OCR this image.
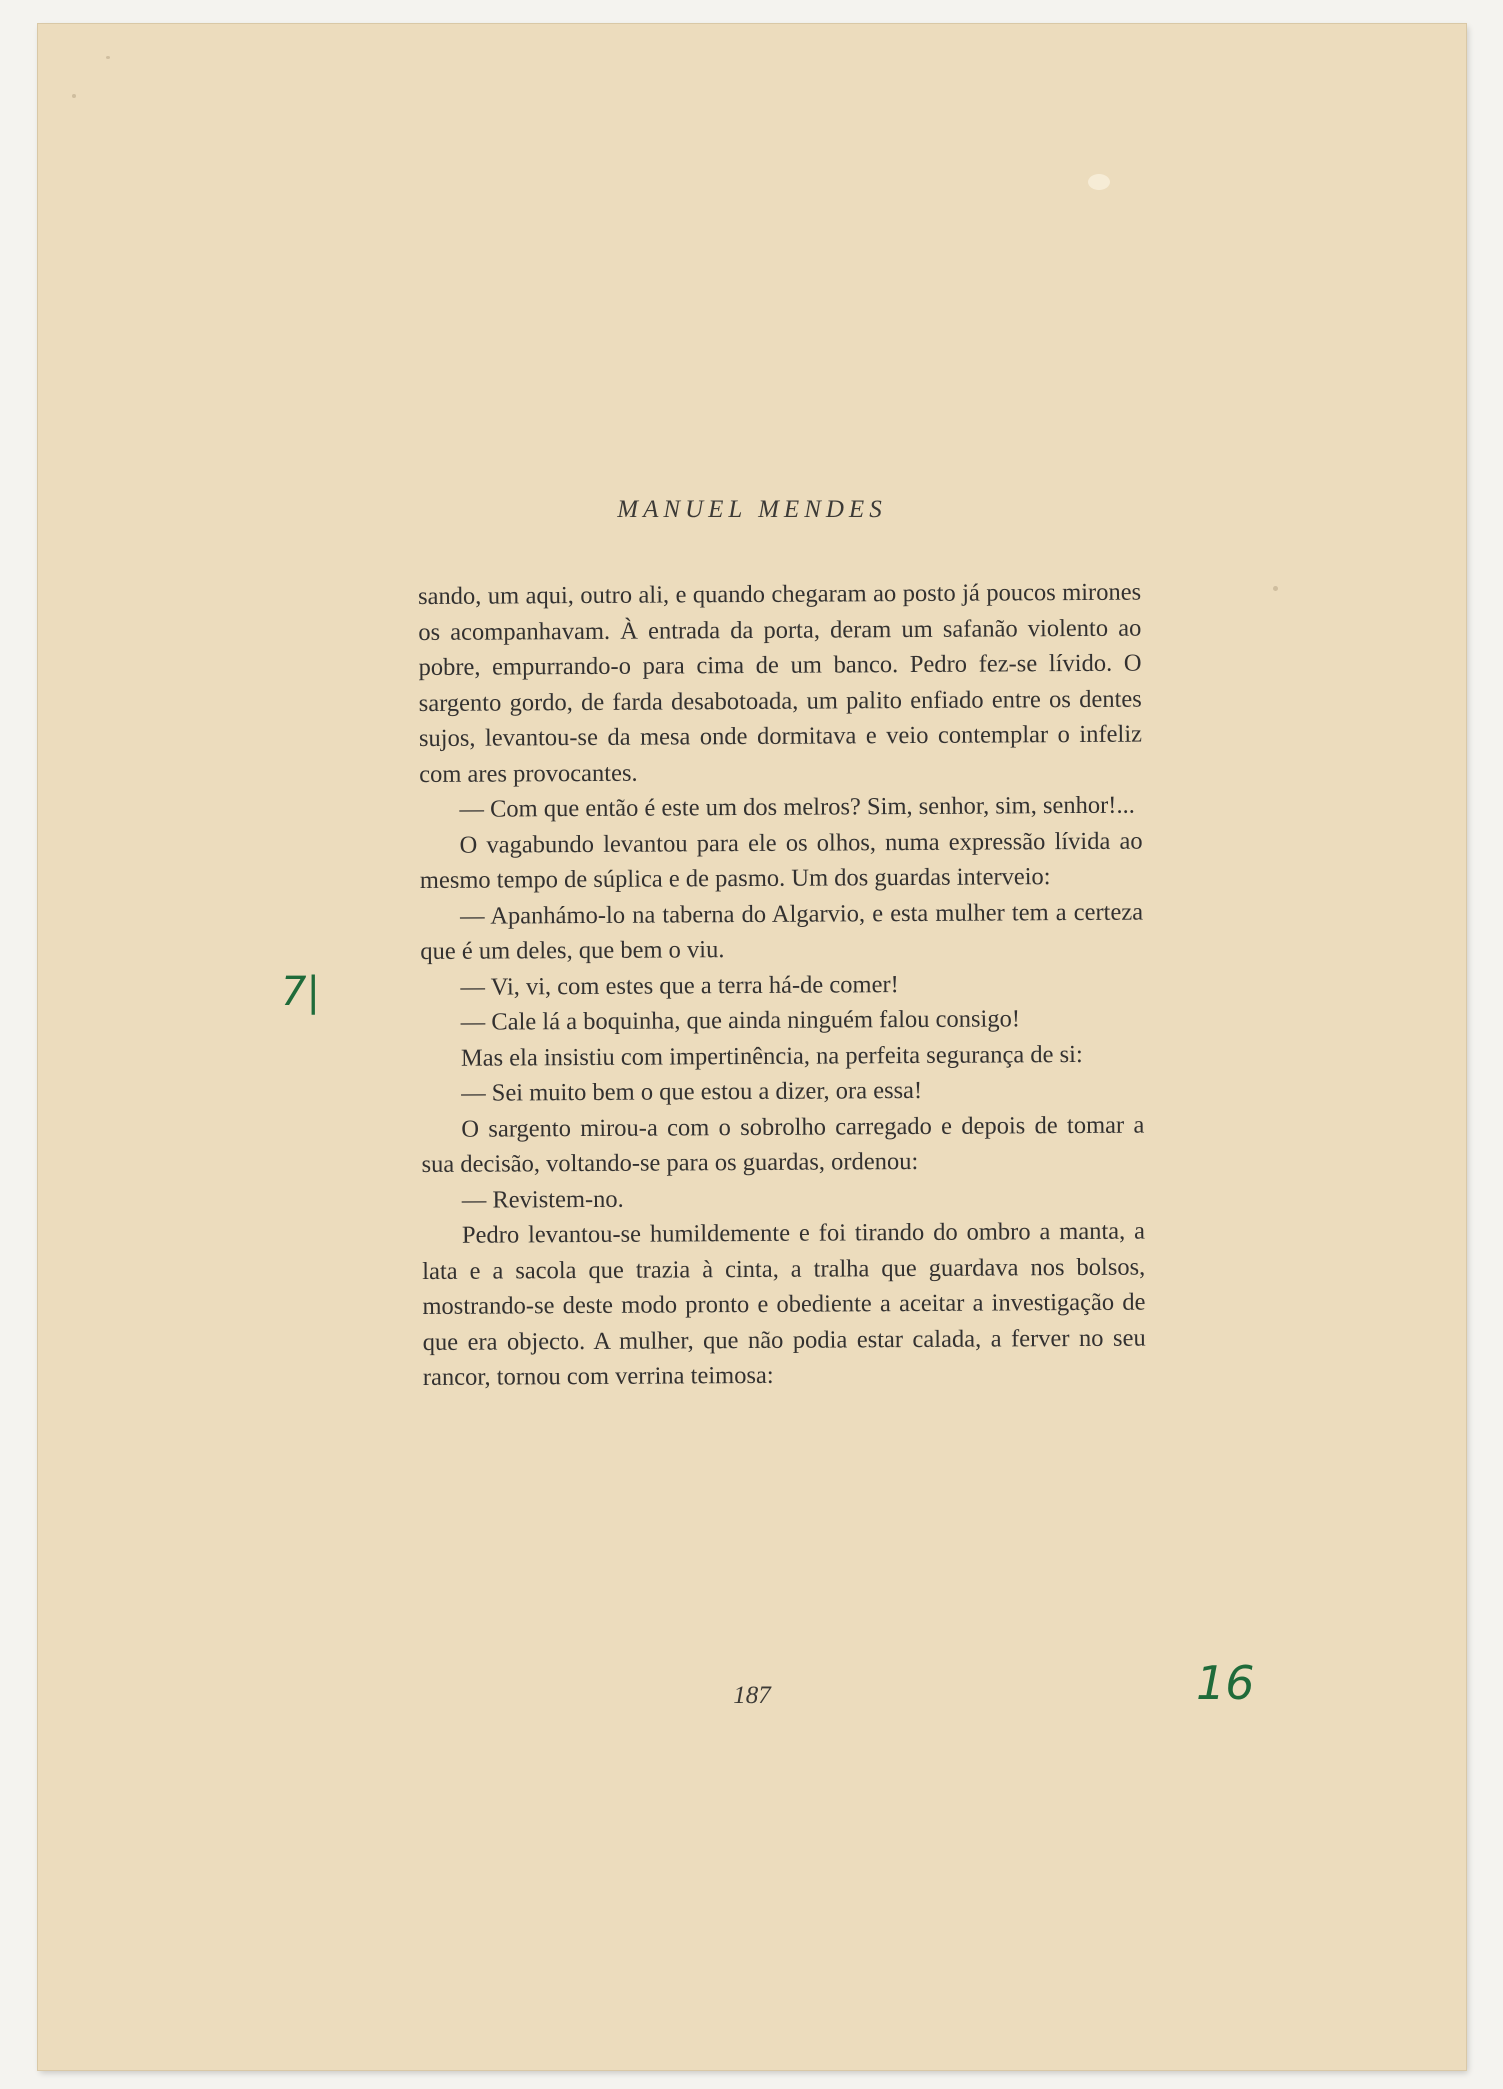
MANUEL MENDES

sando, um aqui, outro ali, e quando chegaram ao posto já poucos mirones os acompanhavam. À entrada da porta, deram um safanão violento ao pobre, empurrando-o para cima de um banco. Pedro fez-se lívido. O sargento gordo, de farda desabotoada, um palito enfiado entre os dentes sujos, levantou-se da mesa onde dormitava e veio contemplar o infeliz com ares provocantes.

— Com que então é este um dos melros? Sim, senhor, sim, senhor!...

O vagabundo levantou para ele os olhos, numa expressão lívida ao mesmo tempo de súplica e de pasmo. Um dos guardas interveio:

— Apanhámo-lo na taberna do Algarvio, e esta mulher tem a certeza que é um deles, que bem o viu.

— Vi, vi, com estes que a terra há-de comer!

— Cale lá a boquinha, que ainda ninguém falou consigo!

Mas ela insistiu com impertinência, na perfeita segurança de si:

— Sei muito bem o que estou a dizer, ora essa!

O sargento mirou-a com o sobrolho carregado e depois de tomar a sua decisão, voltando-se para os guardas, ordenou:

— Revistem-no.

Pedro levantou-se humildemente e foi tirando do ombro a manta, a lata e a sacola que trazia à cinta, a tralha que guardava nos bolsos, mostrando-se deste modo pronto e obediente a aceitar a investigação de que era objecto. A mulher, que não podia estar calada, a ferver no seu rancor, tornou com verrina teimosa:

187
7|
16
